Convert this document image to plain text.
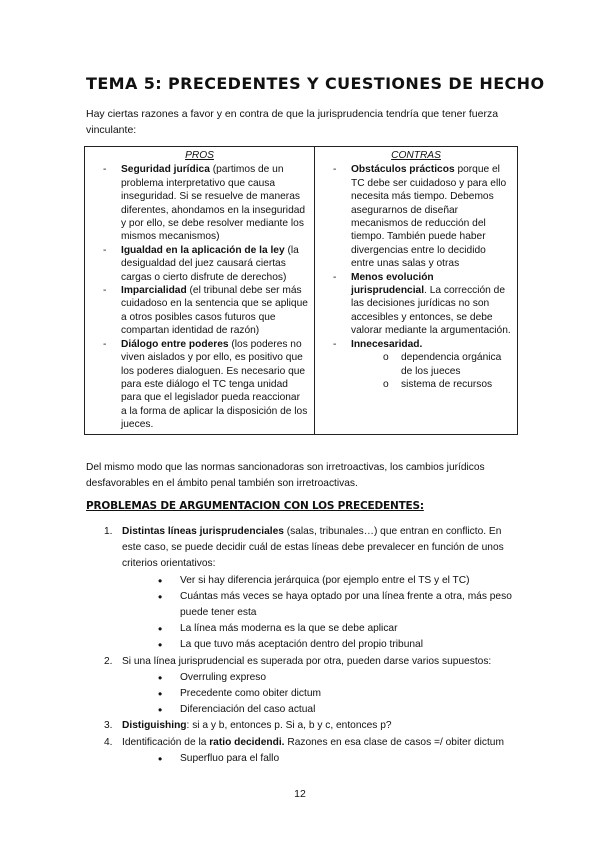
TEMA 5: PRECEDENTES Y CUESTIONES DE HECHO

Hay ciertas razones a favor y en contra de que la jurisprudencia tendría que tener fuerza vinculante:

PROS
- Seguridad jurídica (partimos de un problema interpretativo que causa inseguridad. Si se resuelve de maneras diferentes, ahondamos en la inseguridad y por ello, se debe resolver mediante los mismos mecanismos)
- Igualdad en la aplicación de la ley (la desigualdad del juez causará ciertas cargas o cierto disfrute de derechos)
- Imparcialidad (el tribunal debe ser más cuidadoso en la sentencia que se aplique a otros posibles casos futuros que compartan identidad de razón)
- Diálogo entre poderes (los poderes no viven aislados y por ello, es positivo que los poderes dialoguen. Es necesario que para este diálogo el TC tenga unidad para que el legislador pueda reaccionar a la forma de aplicar la disposición de los jueces.

CONTRAS
- Obstáculos prácticos porque el TC debe ser cuidadoso y para ello necesita más tiempo. Debemos asegurarnos de diseñar mecanismos de reducción del tiempo. También puede haber divergencias entre lo decidido entre unas salas y otras
- Menos evolución jurisprudencial. La corrección de las decisiones jurídicas no son accesibles y entonces, se debe valorar mediante la argumentación.
- Innecesaridad.
o dependencia orgánica de los jueces
o sistema de recursos

Del mismo modo que las normas sancionadoras son irretroactivas, los cambios jurídicos desfavorables en el ámbito penal también son irretroactivas.

PROBLEMAS DE ARGUMENTACION CON LOS PRECEDENTES:
1. Distintas líneas jurisprudenciales (salas, tribunales…) que entran en conflicto. En este caso, se puede decidir cuál de estas líneas debe prevalecer en función de unos criterios orientativos:
• Ver si hay diferencia jerárquica (por ejemplo entre el TS y el TC)
• Cuántas más veces se haya optado por una línea frente a otra, más peso puede tener esta
• La línea más moderna es la que se debe aplicar
• La que tuvo más aceptación dentro del propio tribunal
2. Si una línea jurisprudencial es superada por otra, pueden darse varios supuestos:
• Overruling expreso
• Precedente como obiter dictum
• Diferenciación del caso actual
3. Distiguishing: si a y b, entonces p. Si a, b y c, entonces p?
4. Identificación de la ratio decidendi. Razones en esa clase de casos =/ obiter dictum
• Superfluo para el fallo

12
